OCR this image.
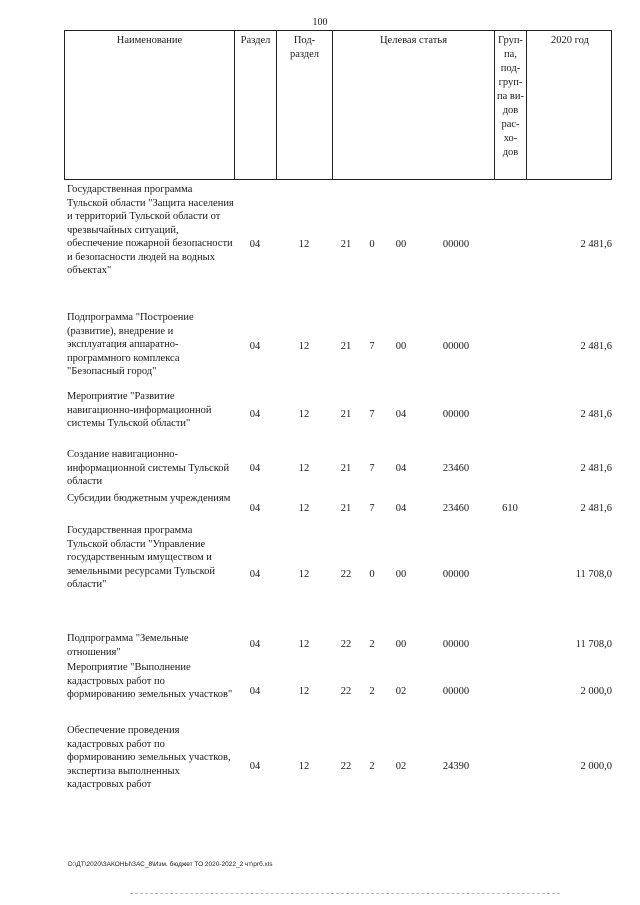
100
Наименование	Раздел	Под-
раздел
Целевая статья	Груп-
па,
под-
груп-
па ви-
дов
рас-
хо-
дов
2020 год
Государственная программа Тульской области "Защита населения и территорий Тульской области от чрезвычайных ситуаций, обеспечение пожарной безопасности и безопасности людей на водных объектах"
04	12	21	0	00	00000	2 481,6
Подпрограмма "Построение (развитие), внедрение и эксплуатация аппаратно-программного комплекса "Безопасный город"
04	12	21	7	00	00000	2 481,6
Мероприятие "Развитие навигационно-информационной системы Тульской области"
04	12	21	7	04	00000	2 481,6
Создание навигационно-информационной системы Тульской области
04	12	21	7	04	23460	2 481,6
Субсидии бюджетным учреждениям
04	12	21	7	04	23460	610	2 481,6
Государственная программа Тульской области "Управление государственным имуществом и земельными ресурсами Тульской области"
04	12	22	0	00	00000	11 708,0
Подпрограмма "Земельные отношения"
04	12	22	2	00	00000	11 708,0
Мероприятие "Выполнение кадастровых работ по формированию земельных участков"	04	12	22	2	02	00000	2 000,0
Обеспечение проведения кадастровых работ по формированию земельных участков, экспертиза выполненных кадастровых работ
04	12	22	2	02	24390	2 000,0
D:\ДТ\2020\ЗАКОНЫ\ЗАС_8\Изм. бюджет ТО 2020-2022_2 чт\рrб.xls
